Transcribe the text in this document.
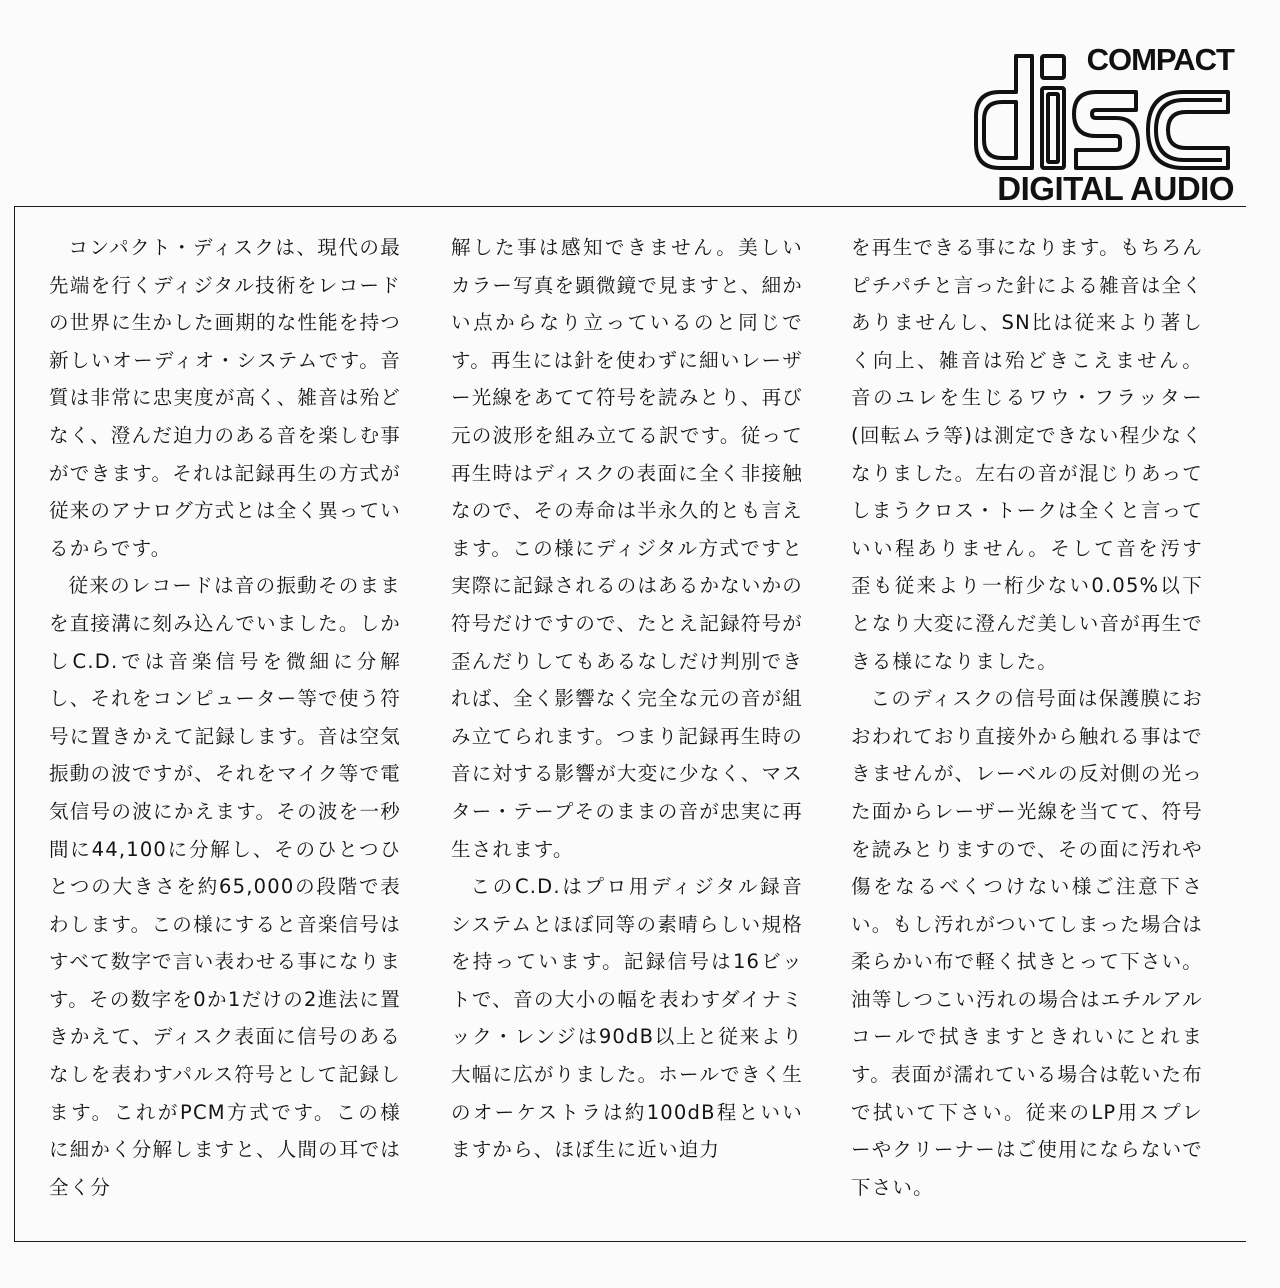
COMPACT
DIGITAL AUDIO

コンパクト・ディスクは、現代の最先端を行くディジタル技術をレコードの世界に生かした画期的な性能を持つ新しいオーディオ・システムです。音質は非常に忠実度が高く、雑音は殆どなく、澄んだ迫力のある音を楽しむ事ができます。それは記録再生の方式が従来のアナログ方式とは全く異っているからです。

従来のレコードは音の振動そのままを直接溝に刻み込んでいました。しかしC.D.では音楽信号を微細に分解し、それをコンピューター等で使う符号に置きかえて記録します。音は空気振動の波ですが、それをマイク等で電気信号の波にかえます。その波を一秒間に44,100に分解し、そのひとつひとつの大きさを約65,000の段階で表わします。この様にすると音楽信号はすべて数字で言い表わせる事になります。その数字を0か1だけの2進法に置きかえて、ディスク表面に信号のあるなしを表わすパルス符号として記録します。これがPCM方式です。この様に細かく分解しますと、人間の耳では全く分

解した事は感知できません。美しいカラー写真を顕微鏡で見ますと、細かい点からなり立っているのと同じです。再生には針を使わずに細いレーザー光線をあてて符号を読みとり、再び元の波形を組み立てる訳です。従って再生時はディスクの表面に全く非接触なので、その寿命は半永久的とも言えます。この様にディジタル方式ですと実際に記録されるのはあるかないかの符号だけですので、たとえ記録符号が歪んだりしてもあるなしだけ判別できれば、全く影響なく完全な元の音が組み立てられます。つまり記録再生時の音に対する影響が大変に少なく、マスター・テープそのままの音が忠実に再生されます。

このC.D.はプロ用ディジタル録音システムとほぼ同等の素晴らしい規格を持っています。記録信号は16ビットで、音の大小の幅を表わすダイナミック・レンジは90dB以上と従来より大幅に広がりました。ホールできく生のオーケストラは約100dB程といいますから、ほぼ生に近い迫力

を再生できる事になります。もちろんピチパチと言った針による雑音は全くありませんし、SN比は従来より著しく向上、雑音は殆どきこえません。音のユレを生じるワウ・フラッター(回転ムラ等)は測定できない程少なくなりました。左右の音が混じりあってしまうクロス・トークは全くと言っていい程ありません。そして音を汚す歪も従来より一桁少ない0.05%以下となり大変に澄んだ美しい音が再生できる様になりました。

このディスクの信号面は保護膜におおわれており直接外から触れる事はできませんが、レーベルの反対側の光った面からレーザー光線を当てて、符号を読みとりますので、その面に汚れや傷をなるべくつけない様ご注意下さい。もし汚れがついてしまった場合は柔らかい布で軽く拭きとって下さい。油等しつこい汚れの場合はエチルアルコールで拭きますときれいにとれます。表面が濡れている場合は乾いた布で拭いて下さい。従来のLP用スプレーやクリーナーはご使用にならないで下さい。
